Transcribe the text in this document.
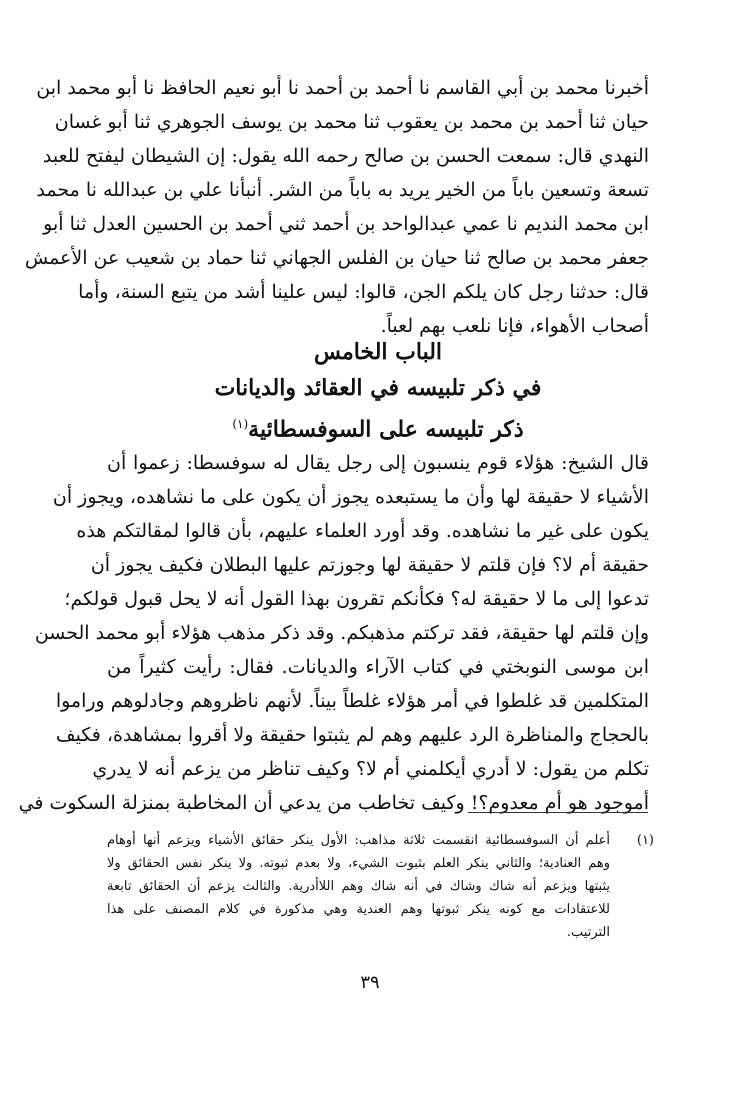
أخبرنا محمد بن أبي القاسم نا أحمد بن أحمد نا أبو نعيم الحافظ نا أبو محمد ابن
حيان ثنا أحمد بن محمد بن يعقوب ثنا محمد بن يوسف الجوهري ثنا أبو غسان
النهدي قال: سمعت الحسن بن صالح رحمه الله يقول: إن الشيطان ليفتح للعبد
تسعة وتسعين باباً من الخير يريد به باباً من الشر. أنبأنا علي بن عبدالله نا محمد
ابن محمد النديم نا عمي عبدالواحد بن أحمد ثني أحمد بن الحسين العدل ثنا أبو
جعفر محمد بن صالح ثنا حيان بن الفلس الجهاني ثنا حماد بن شعيب عن الأعمش
قال: حدثنا رجل كان يلكم الجن، قالوا: ليس علينا أشد من يتبع السنة، وأما
أصحاب الأهواء، فإنا نلعب بهم لعباً.
الباب الخامس
في ذكر تلبيسه في العقائد والديانات
ذكر تلبيسه على السوفسطائية$^{(١)}$
قال الشيخ: هؤلاء قوم ينسبون إلى رجل يقال له سوفسطا: زعموا أن
الأشياء لا حقيقة لها وأن ما يستبعده يجوز أن يكون على ما نشاهده، ويجوز أن
يكون على غير ما نشاهده. وقد أورد العلماء عليهم، بأن قالوا لمقالتكم هذه
حقيقة أم لا؟ فإن قلتم لا حقيقة لها وجوزتم عليها البطلان فكيف يجوز أن
تدعوا إلى ما لا حقيقة له؟ فكأنكم تقرون بهذا القول أنه لا يحل قبول قولكم؛
وإن قلتم لها حقيقة، فقد تركتم مذهبكم. وقد ذكر مذهب هؤلاء أبو محمد الحسن
ابن موسى النوبختي في كتاب الآراء والديانات. فقال: رأيت كثيراً من
المتكلمين قد غلطوا في أمر هؤلاء غلطاً بيناً. لأنهم ناظروهم وجادلوهم وراموا
بالحجاج والمناظرة الرد عليهم وهم لم يثبتوا حقيقة ولا أقروا بمشاهدة، فكيف
تكلم من يقول: لا أدري أيكلمني أم لا؟ وكيف تناظر من يزعم أنه لا يدري
أموجود هو أم معدوم؟! وكيف تخاطب من يدعي أن المخاطبة بمنزلة السكوت في
(١)
أعلم أن السوفسطائية انقسمت ثلاثة مذاهب: الأول ينكر حقائق الأشياء ويزعم أنها أوهام
وهم العنادية؛ والثاني ينكر العلم بثبوت الشيء، ولا بعدم ثبوته. ولا ينكر نفس الحقائق ولا
يثبتها ويزعم أنه شاك وشاك في أنه شاك وهم اللاأدرية. والثالث يزعم أن الحقائق تابعة
للاعتقادات مع كونه ينكر ثبوتها وهم العندية وهي مذكورة في كلام المصنف على هذا
الترتيب.
٣٩
